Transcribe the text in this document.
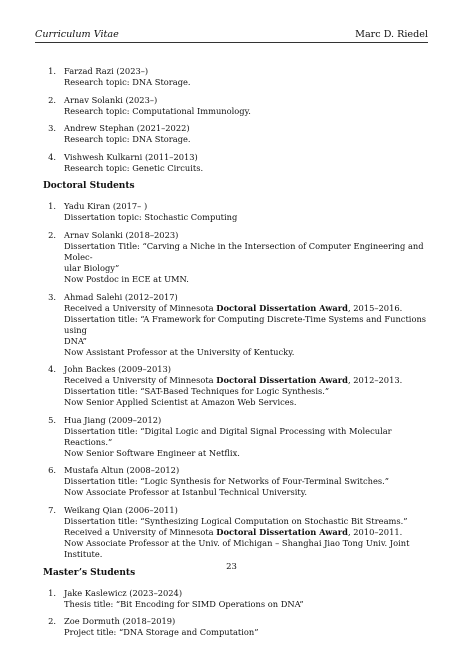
Curriculum Vitae	Marc D. Riedel
1. Farzad Razi (2023–)
Research topic: DNA Storage.
2. Arnav Solanki (2023–)
Research topic: Computational Immunology.
3. Andrew Stephan (2021–2022)
Research topic: DNA Storage.
4. Vishwesh Kulkarni (2011–2013)
Research topic: Genetic Circuits.
Doctoral Students
1. Yadu Kiran (2017– )
Dissertation topic: Stochastic Computing
2. Arnav Solanki (2018–2023)
Dissertation Title: “Carving a Niche in the Intersection of Computer Engineering and Molec-
ular Biology”
Now Postdoc in ECE at UMN.
3. Ahmad Salehi (2012–2017)
Received a University of Minnesota Doctoral Dissertation Award, 2015–2016.
Dissertation title: “A Framework for Computing Discrete-Time Systems and Functions using
DNA”
Now Assistant Professor at the University of Kentucky.
4. John Backes (2009–2013)
Received a University of Minnesota Doctoral Dissertation Award, 2012–2013.
Dissertation title: “SAT-Based Techniques for Logic Synthesis.”
Now Senior Applied Scientist at Amazon Web Services.
5. Hua Jiang (2009–2012)
Dissertation title: “Digital Logic and Digital Signal Processing with Molecular Reactions.”
Now Senior Software Engineer at Netflix.
6. Mustafa Altun (2008–2012)
Dissertation title: “Logic Synthesis for Networks of Four-Terminal Switches.”
Now Associate Professor at Istanbul Technical University.
7. Weikang Qian (2006–2011)
Dissertation title: “Synthesizing Logical Computation on Stochastic Bit Streams.”
Received a University of Minnesota Doctoral Dissertation Award, 2010–2011.
Now Associate Professor at the Univ. of Michigan – Shanghai Jiao Tong Univ. Joint Institute.
Master’s Students
1. Jake Kaslewicz (2023–2024)
Thesis title: “Bit Encoding for SIMD Operations on DNA”
2. Zoe Dormuth (2018–2019)
Project title: “DNA Storage and Computation”
23
